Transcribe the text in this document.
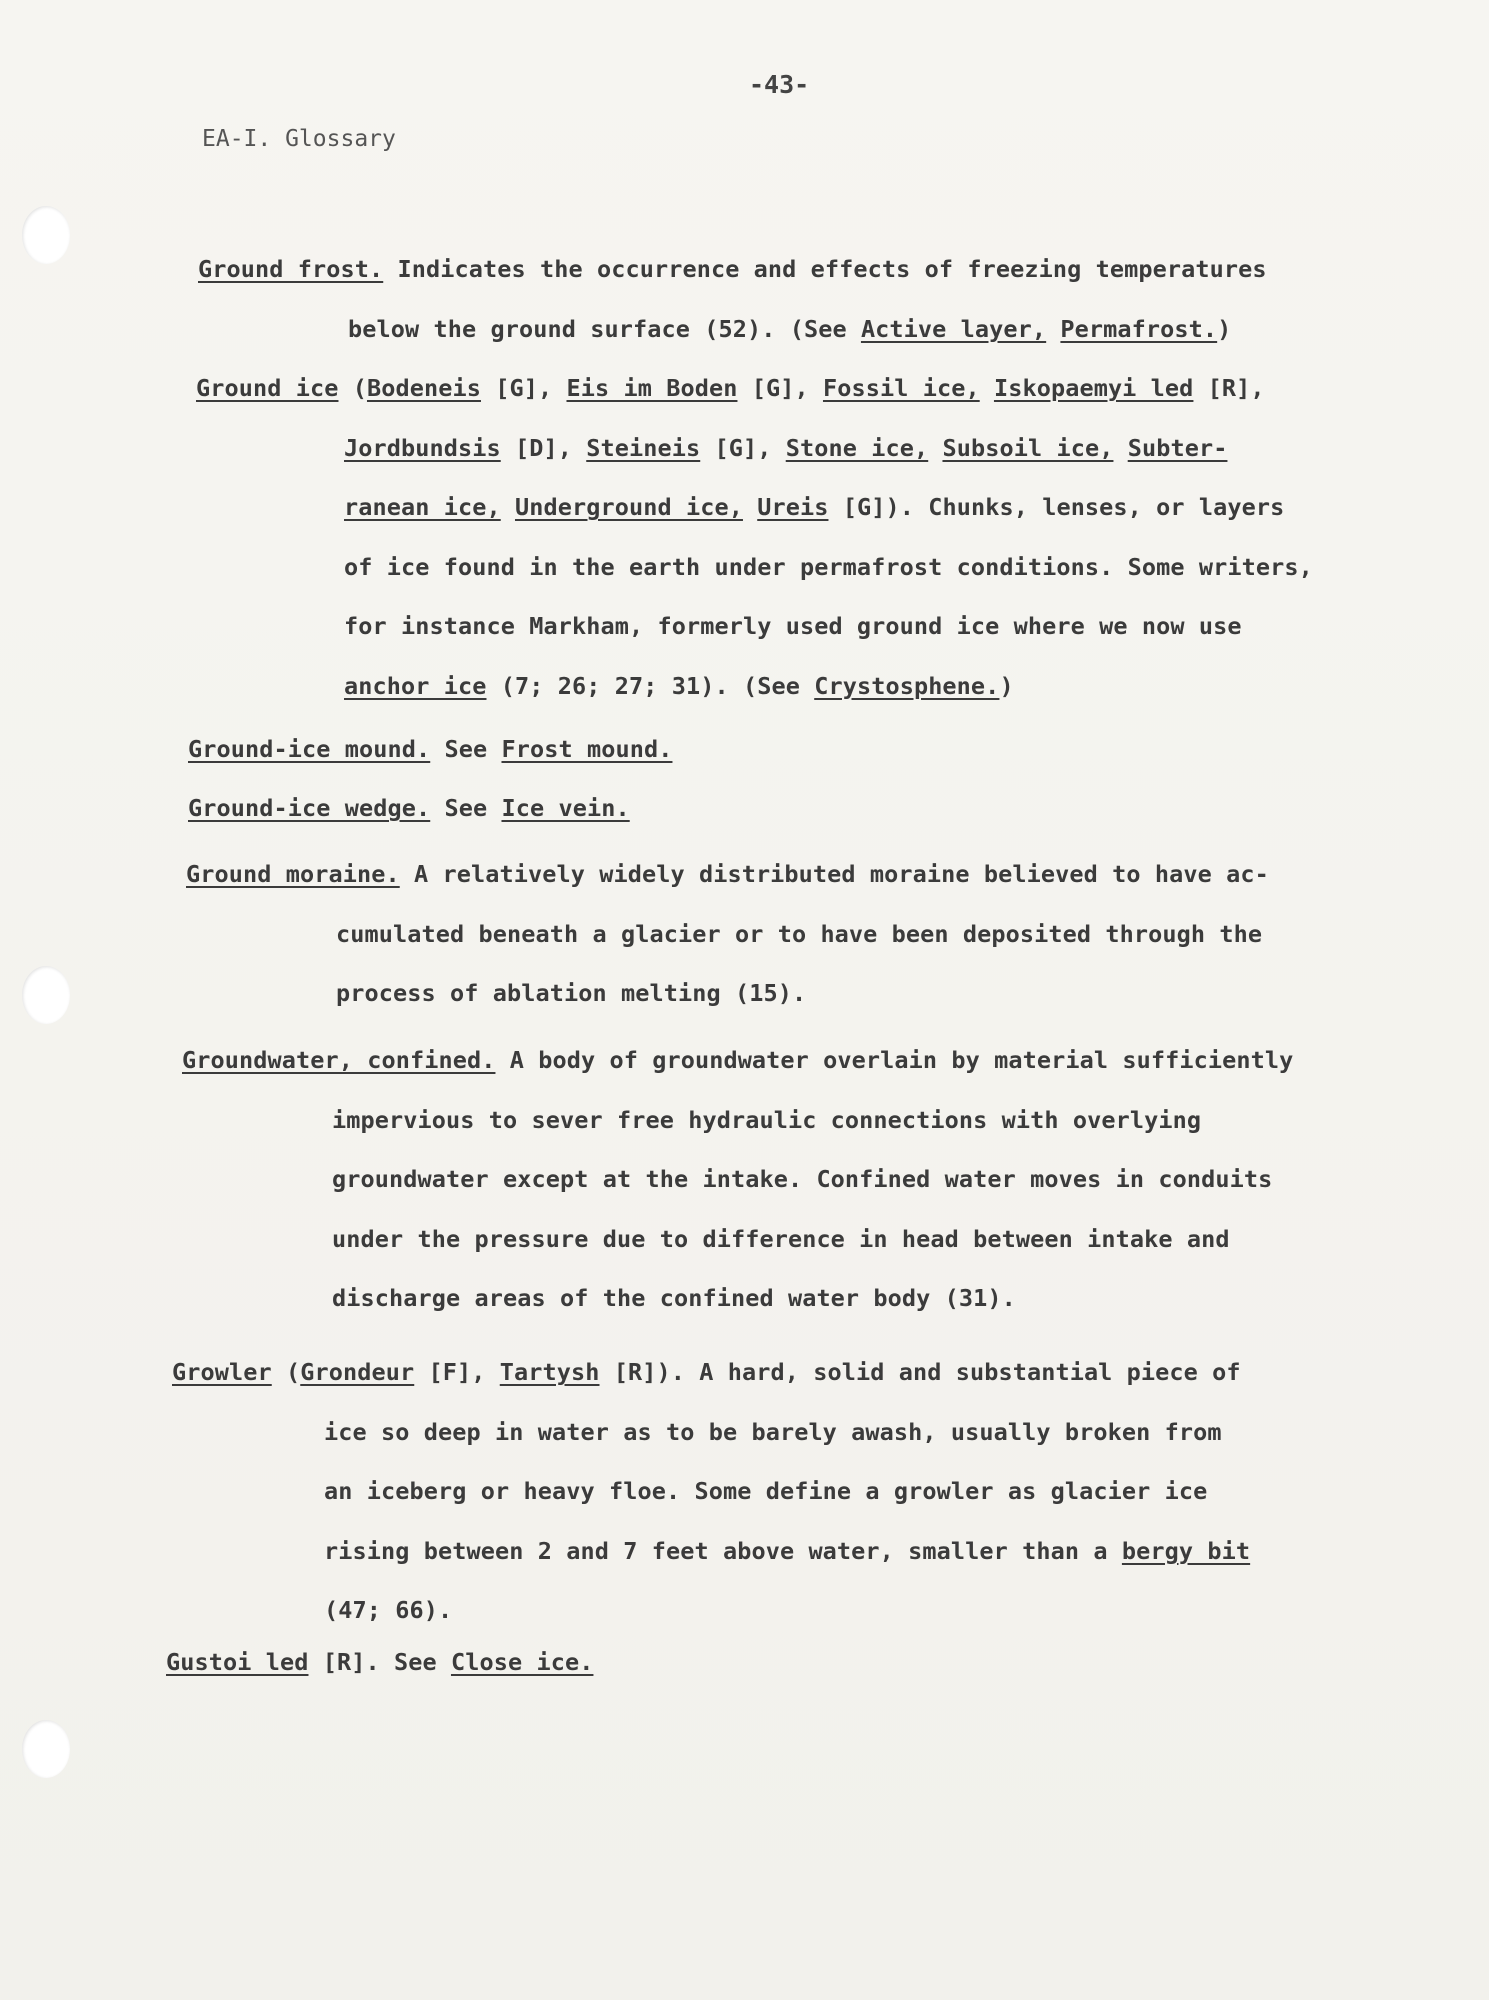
-43-
EA-I. Glossary
Ground frost. Indicates the occurrence and effects of freezing temperatures
below the ground surface (52). (See Active layer, Permafrost.)
Ground ice (Bodeneis [G], Eis im Boden [G], Fossil ice, Iskopaemyi led [R],
Jordbundsis [D], Steineis [G], Stone ice, Subsoil ice, Subter-
ranean ice, Underground ice, Ureis [G]). Chunks, lenses, or layers
of ice found in the earth under permafrost conditions. Some writers,
for instance Markham, formerly used ground ice where we now use
anchor ice (7; 26; 27; 31). (See Crystosphene.)
Ground-ice mound. See Frost mound.
Ground-ice wedge. See Ice vein.
Ground moraine. A relatively widely distributed moraine believed to have ac-
cumulated beneath a glacier or to have been deposited through the
process of ablation melting (15).
Groundwater, confined. A body of groundwater overlain by material sufficiently
impervious to sever free hydraulic connections with overlying
groundwater except at the intake. Confined water moves in conduits
under the pressure due to difference in head between intake and
discharge areas of the confined water body (31).
Growler (Grondeur [F], Tartysh [R]). A hard, solid and substantial piece of
ice so deep in water as to be barely awash, usually broken from
an iceberg or heavy floe. Some define a growler as glacier ice
rising between 2 and 7 feet above water, smaller than a bergy bit
(47; 66).
Gustoi led [R]. See Close ice.
